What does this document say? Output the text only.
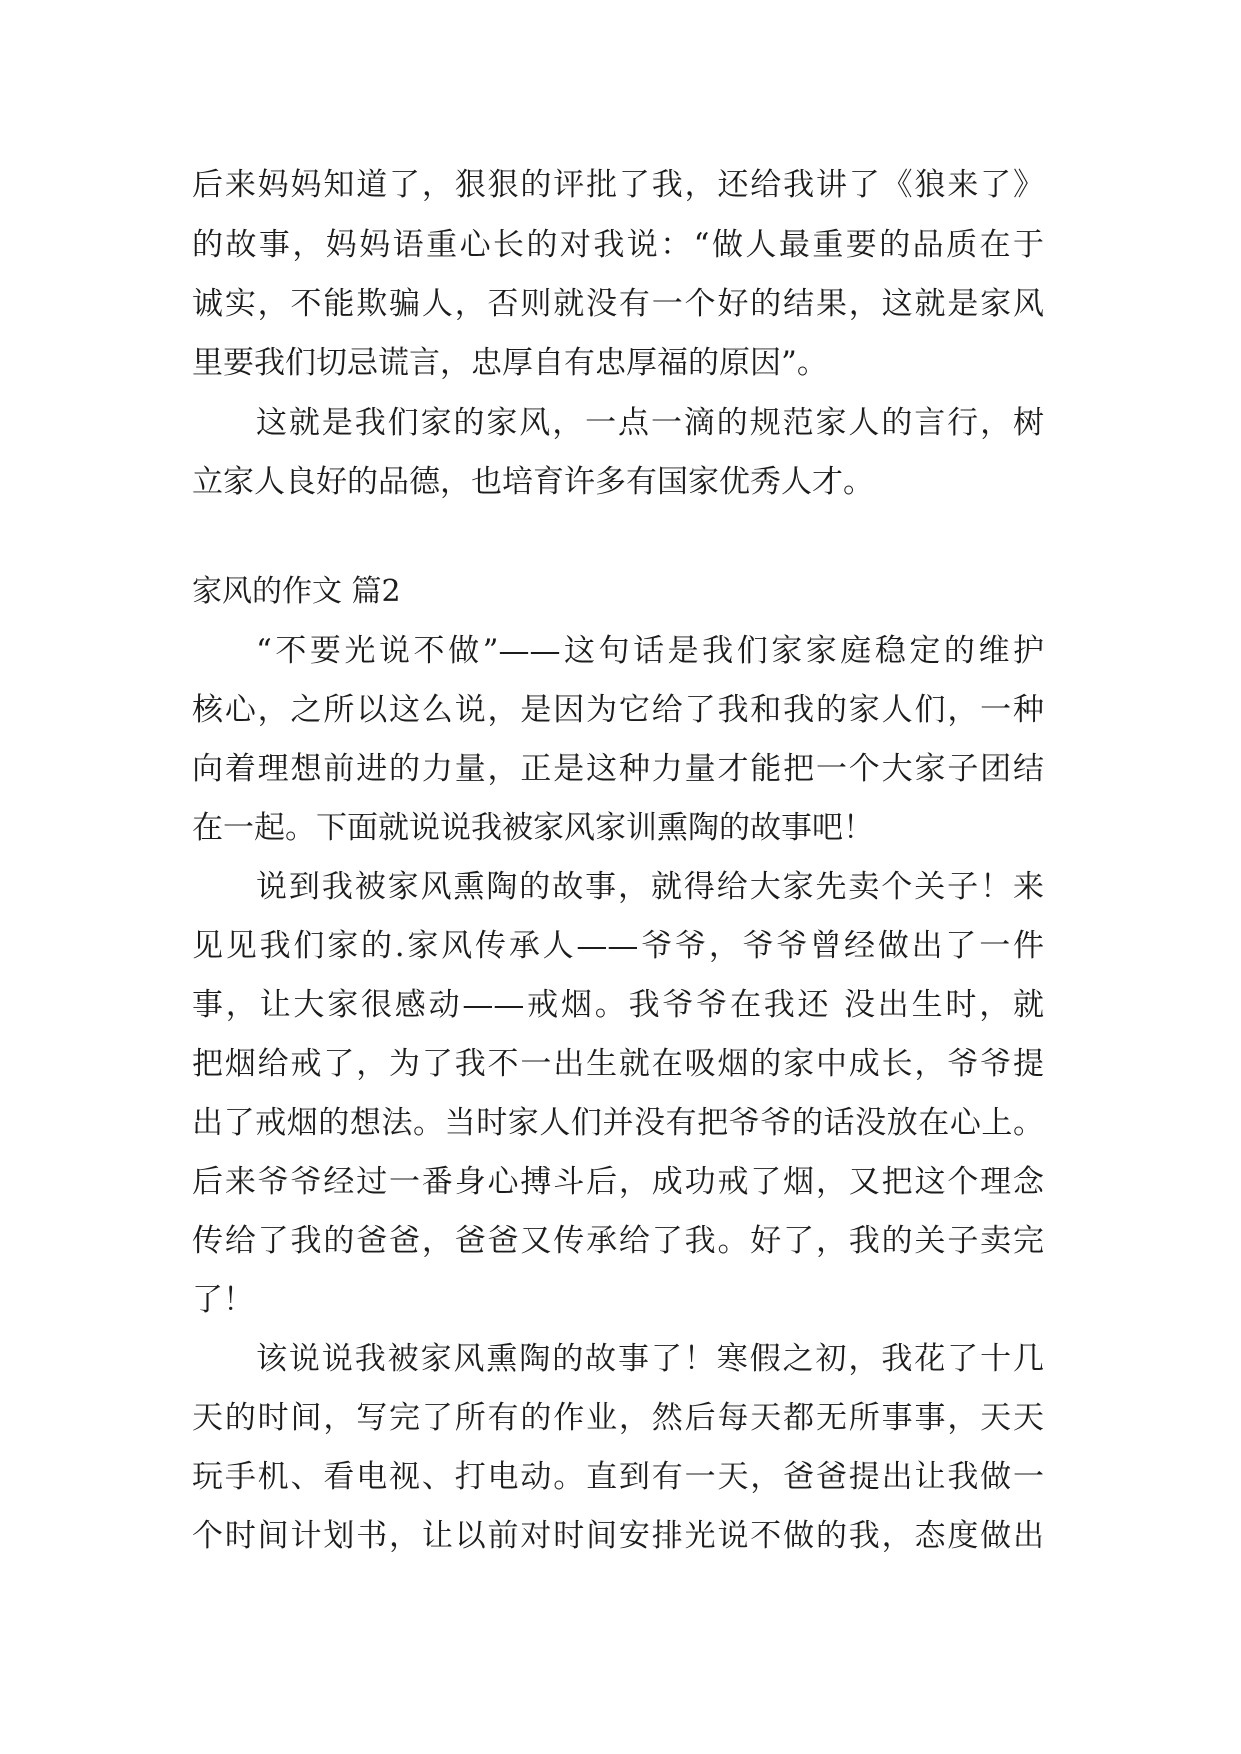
后来妈妈知道了，狠狠的评批了我，还给我讲了《狼来了》
的故事，妈妈语重心长的对我说：“做人最重要的品质在于
诚实，不能欺骗人，否则就没有一个好的结果，这就是家风
里要我们切忌谎言，忠厚自有忠厚福的原因”。
这就是我们家的家风，一点一滴的规范家人的言行，树
立家人良好的品德，也培育许多有国家优秀人才。
家风的作文 篇2
“不要光说不做”——这句话是我们家家庭稳定的维护
核心，之所以这么说，是因为它给了我和我的家人们，一种
向着理想前进的力量，正是这种力量才能把一个大家子团结
在一起。下面就说说我被家风家训熏陶的故事吧！
说到我被家风熏陶的故事，就得给大家先卖个关子！来
见见我们家的.家风传承人——爷爷，爷爷曾经做出了一件
事，让大家很感动——戒烟。我爷爷在我还 没出生时，就
把烟给戒了，为了我不一出生就在吸烟的家中成长，爷爷提
出了戒烟的想法。当时家人们并没有把爷爷的话没放在心上。
后来爷爷经过一番身心搏斗后，成功戒了烟，又把这个理念
传给了我的爸爸，爸爸又传承给了我。好了，我的关子卖完
了！
该说说我被家风熏陶的故事了！寒假之初，我花了十几
天的时间，写完了所有的作业，然后每天都无所事事，天天
玩手机、看电视、打电动。直到有一天，爸爸提出让我做一
个时间计划书，让以前对时间安排光说不做的我，态度做出
